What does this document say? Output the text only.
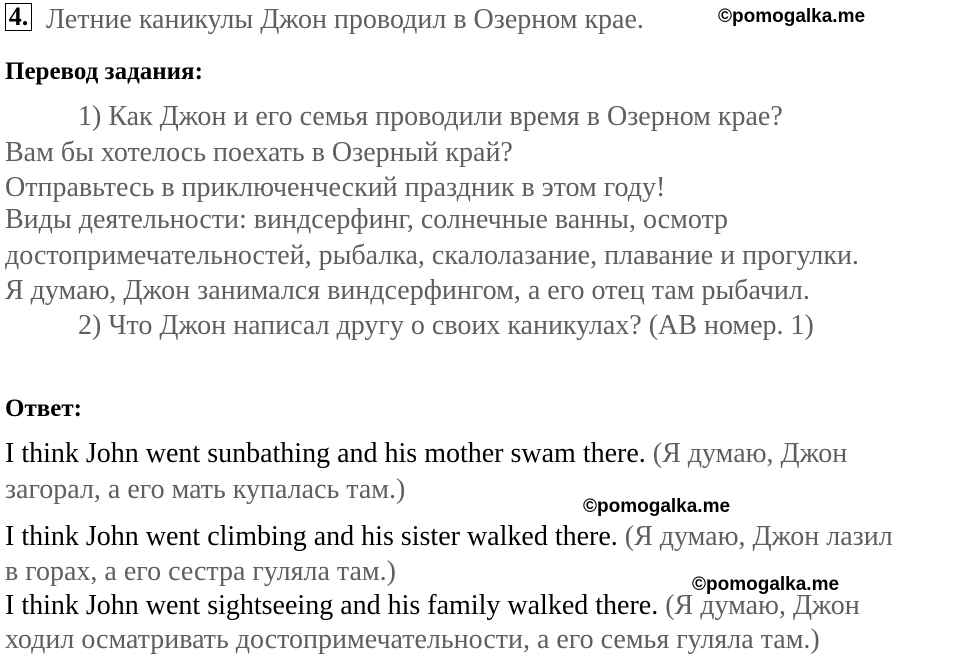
4. Летние каникулы Джон проводил в Озерном крае.	©pomogalka.me
Перевод задания:
1) Как Джон и его семья проводили время в Озерном крае?
Вам бы хотелось поехать в Озерный край?
Отправьтесь в приключенческий праздник в этом году!
Виды деятельности: виндсерфинг, солнечные ванны, осмотр
достопримечательностей, рыбалка, скалолазание, плавание и прогулки.
Я думаю, Джон занимался виндсерфингом, а его отец там рыбачил.
2) Что Джон написал другу о своих каникулах? (АВ номер. 1)
Ответ:
I think John went sunbathing and his mother swam there. (Я думаю, Джон
загорал, а его мать купалась там.)
©pomogalka.me
I think John went climbing and his sister walked there. (Я думаю, Джон лазил
в горах, а его сестра гуляла там.)	©pomogalka.me
I think John went sightseeing and his family walked there. (Я думаю, Джон
ходил осматривать достопримечательности, а его семья гуляла там.)
